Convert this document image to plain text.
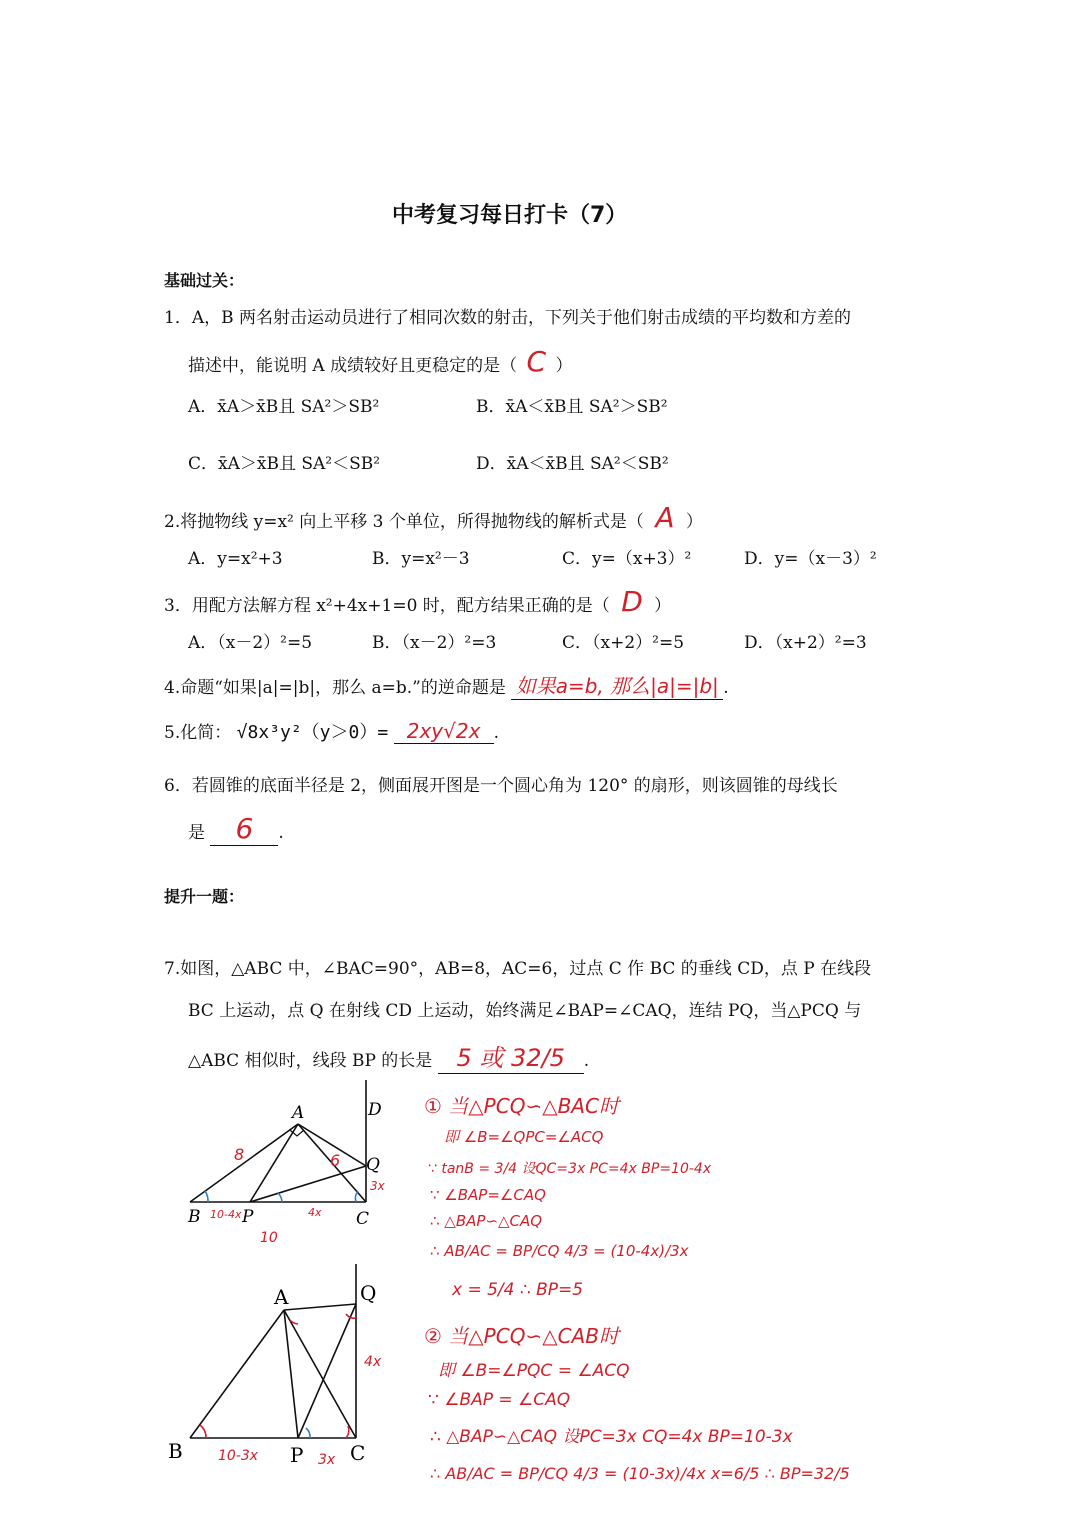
中考复习每日打卡（7）
基础过关：
1．A，B 两名射击运动员进行了相同次数的射击，下列关于他们射击成绩的平均数和方差的
描述中，能说明 A 成绩较好且更稳定的是（ C ）
A．x̄A＞x̄B且 SA²＞SB²	B．x̄A＜x̄B且 SA²＞SB²
C．x̄A＞x̄B且 SA²＜SB²	D．x̄A＜x̄B且 SA²＜SB²
2.将抛物线 y=x² 向上平移 3 个单位，所得抛物线的解析式是（ A ）
A．y=x²+3	B．y=x²－3	C．y=（x+3）²	D．y=（x－3）²
3．用配方法解方程 x²+4x+1=0 时，配方结果正确的是（ D ）
A．（x－2）²=5	B．（x－2）²=3	C．（x+2）²=5	D．（x+2）²=3
4.命题“如果|a|=|b|，那么 a=b.”的逆命题是 如果a=b, 那么|a|=|b| .
5.化简： √8x³y²（y＞0）= 2xy√2x .
6．若圆锥的底面半径是 2，侧面展开图是一个圆心角为 120° 的扇形，则该圆锥的母线长
是 6 .
提升一题：
7.如图，△ABC 中，∠BAC=90°，AB=8，AC=6，过点 C 作 BC 的垂线 CD，点 P 在线段
BC 上运动，点 Q 在射线 CD 上运动，始终满足∠BAP=∠CAQ，连结 PQ，当△PCQ 与
△ABC 相似时，线段 BP 的长是 5 或 32/5 .
A	D
Q
B P	C
8	6
3x
10-4x	4x
10
A	Q
B	P C
4x
10-3x	3x
① 当△PCQ∽△BAC时
即 ∠B=∠QPC=∠ACQ
∵ tanB = 3/4 设QC=3x PC=4x BP=10-4x
∵ ∠BAP=∠CAQ
∴ △BAP∽△CAQ
∴ AB/AC = BP/CQ 4/3 = (10-4x)/3x
x = 5/4 ∴ BP=5
② 当△PCQ∽△CAB时
即 ∠B=∠PQC = ∠ACQ
∵ ∠BAP = ∠CAQ
∴ △BAP∽△CAQ 设PC=3x CQ=4x BP=10-3x
∴ AB/AC = BP/CQ 4/3 = (10-3x)/4x x=6/5 ∴ BP=32/5
